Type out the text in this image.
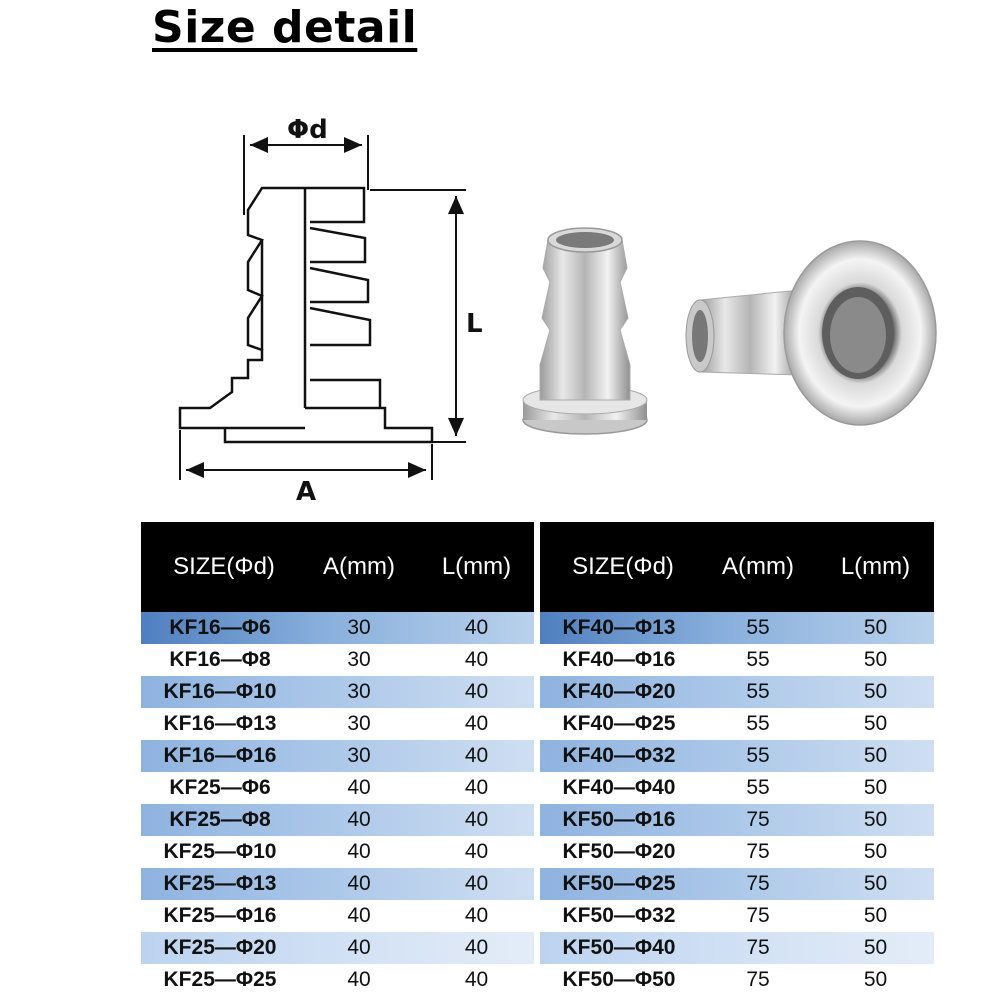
Size detail
Φd
L
A
SIZE(Φd)	A(mm)	L(mm)
KF16—Φ6	30	40
KF16—Φ8	30	40
KF16—Φ10	30	40
KF16—Φ13	30	40
KF16—Φ16	30	40
KF25—Φ6	40	40
KF25—Φ8	40	40
KF25—Φ10	40	40
KF25—Φ13	40	40
KF25—Φ16	40	40
KF25—Φ20	40	40
KF25—Φ25	40	40
SIZE(Φd)	A(mm)	L(mm)
KF40—Φ13	55	50
KF40—Φ16	55	50
KF40—Φ20	55	50
KF40—Φ25	55	50
KF40—Φ32	55	50
KF40—Φ40	55	50
KF50—Φ16	75	50
KF50—Φ20	75	50
KF50—Φ25	75	50
KF50—Φ32	75	50
KF50—Φ40	75	50
KF50—Φ50	75	50
